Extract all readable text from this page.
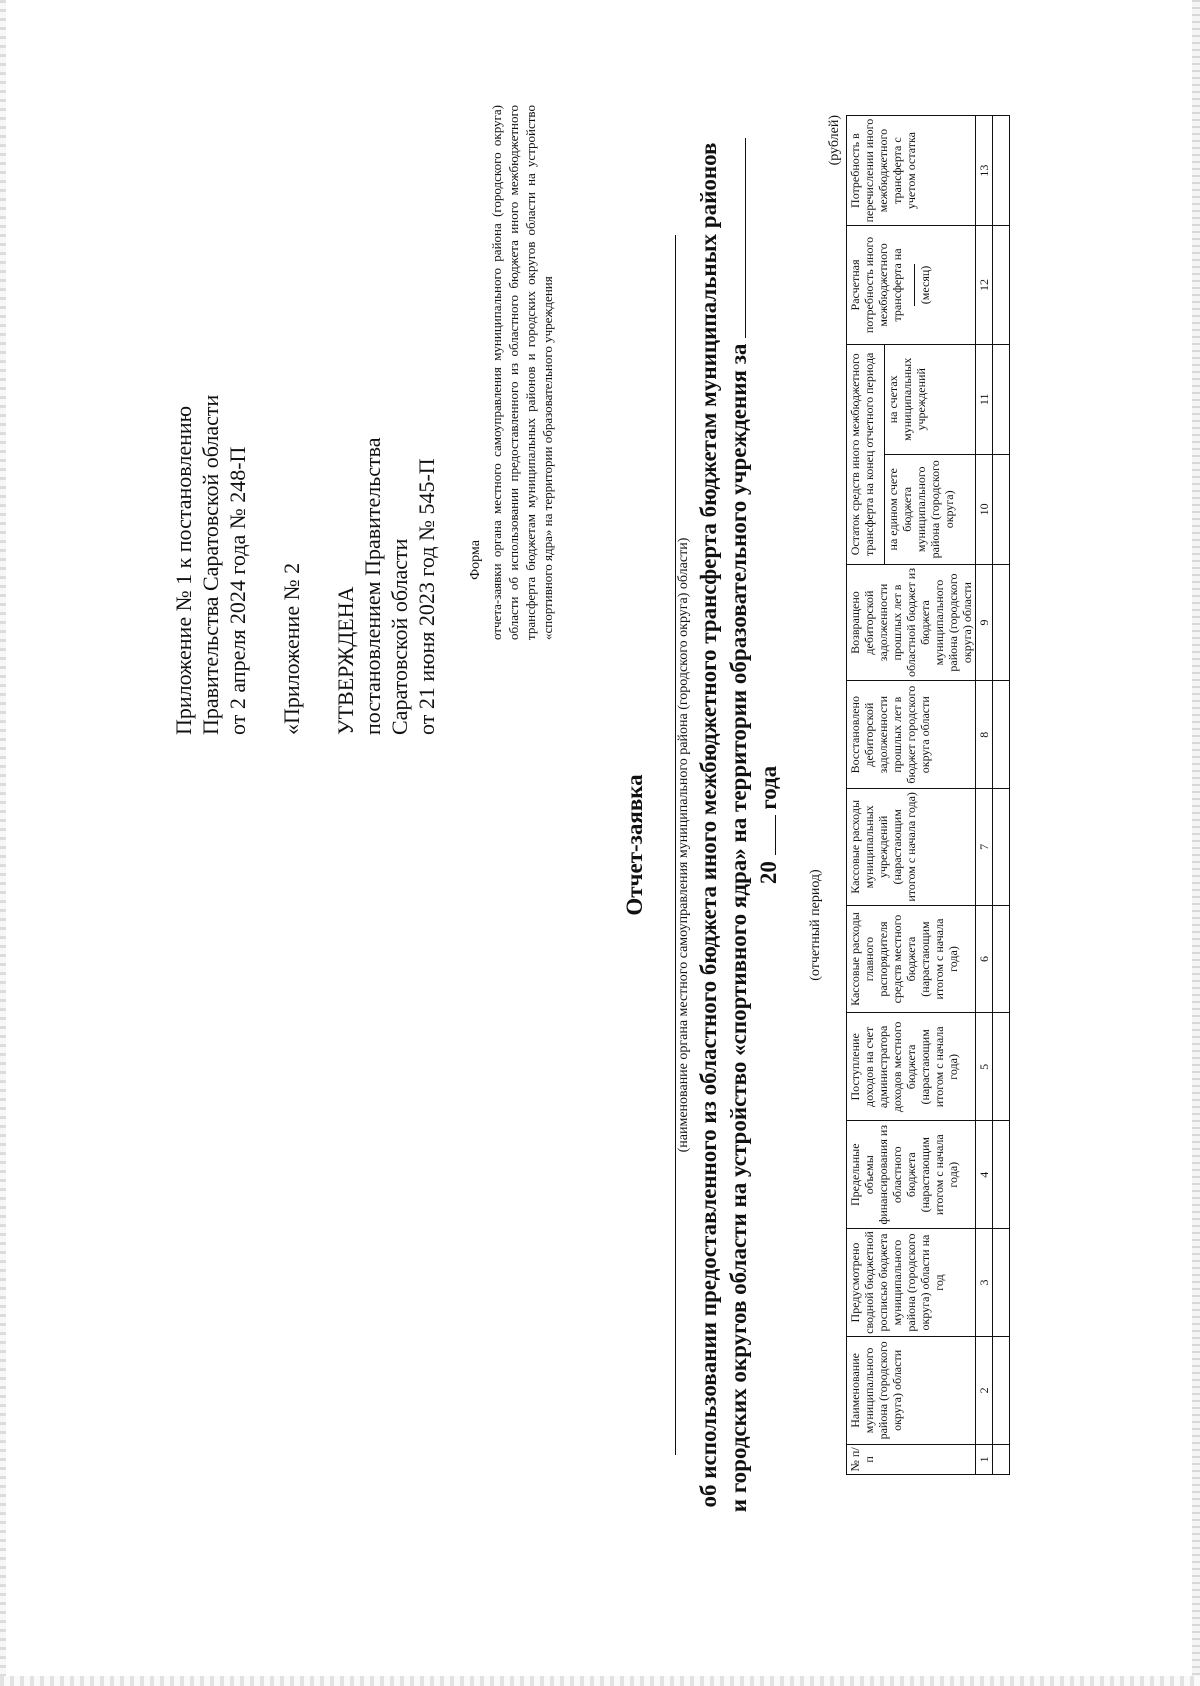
Приложение № 1 к постановлению Правительства Саратовской области от 2 апреля 2024 года № 248-П «Приложение № 2 УТВЕРЖДЕНА постановлением Правительства Саратовской области от 21 июня 2023 год № 545-П Форма отчета-заявки органа местного самоуправления муниципального района (городского округа) области об использовании предоставленного из областного бюджета иного межбюджетного трансферта бюджетам муниципальных районов и городских округов области на устройство «спортивного ядра» на территории образовательного учреждения
Отчет-заявка (наименование органа местного самоуправления муниципального района (городского округа) области) об использовании предоставленного из областного бюджета иного межбюджетного трансферта бюджетам муниципальных районов и городских округов области на устройство «спортивного ядра» на территории образовательного учреждения за 20  года
(отчетный период)
(рублей)
№ п/п	Наименование муниципального района (городского округа) области	Предусмотрено сводной бюджетной росписью бюджета муниципального района (городского округа) области на год	Предельные объемы финансирования из областного бюджета (нарастающим итогом с начала года)	Поступление доходов на счет администратора доходов местного бюджета (нарастающим итогом с начала года)	Кассовые расходы главного распорядителя средств местного бюджета (нарастающим итогом с начала года)	Кассовые расходы муниципальных учреждений (нарастающим итогом с начала года)	Восстановлено дебиторской задолженности прошлых лет в бюджет городского округа области	Возвращено дебиторской задолженности прошлых лет в областной бюджет из бюджета муниципального района (городского округа) области	Остаток средств иного межбюджетного трансферта на конец отчетного периода		Расчетная потребность иного межбюджетного трансферта на (месяц)	Потребность в перечислении иного межбюджетного трансферта с учетом остатка
									на едином счете бюджета муниципального района (городского округа)	на счетах муниципальных учреждений		
1	2	3	4	5	6	7	8	9	10	11	12	13
